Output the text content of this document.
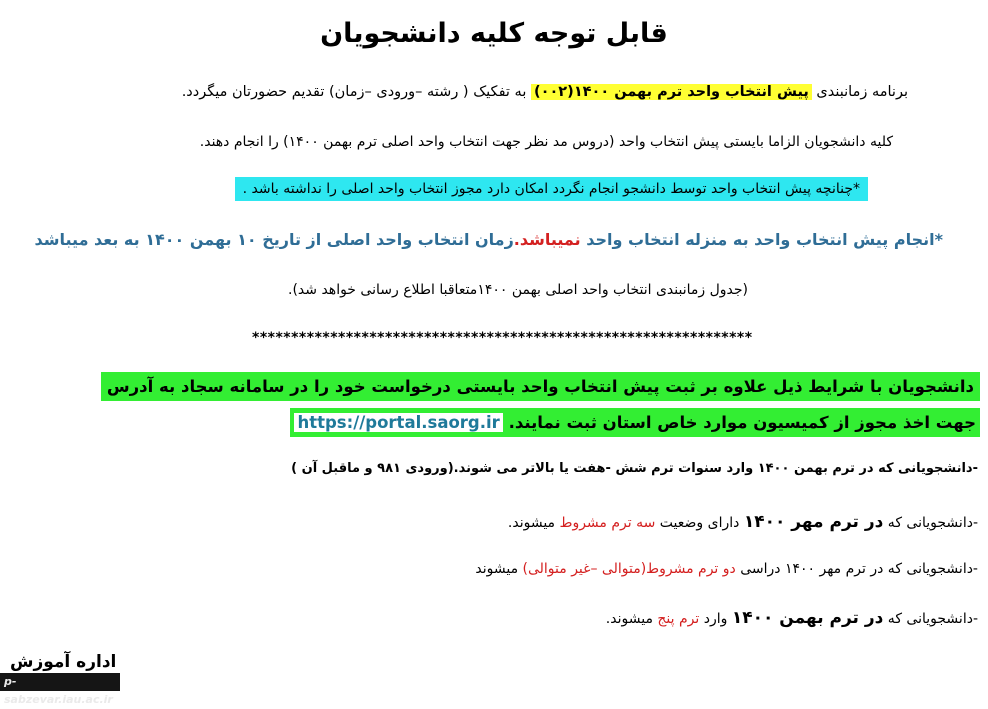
قابل توجه کلیه دانشجویان
برنامه زمانبندی پیش انتخاب واحد ترم بهمن ۱۴۰۰(۰۰۲) به تفکیک ( رشته –ورودی –زمان) تقدیم حضورتان میگردد.
کلیه دانشجویان الزاما بایستی پیش انتخاب واحد (دروس مد نظر جهت انتخاب واحد اصلی ترم بهمن ۱۴۰۰) را انجام دهند.
*چنانچه پیش انتخاب واحد توسط دانشجو انجام نگردد امکان دارد مجوز انتخاب واحد اصلی را نداشته باشد .
*انجام پیش انتخاب واحد به منزله انتخاب واحد نمیباشد.زمان انتخاب واحد اصلی از تاریخ ۱۰ بهمن ۱۴۰۰ به بعد میباشد
(جدول زمانبندی انتخاب واحد اصلی بهمن ۱۴۰۰متعاقبا اطلاع رسانی خواهد شد).
****************************************************************
دانشجویان با شرایط ذیل علاوه بر ثبت پیش انتخاب واحد بایستی درخواست خود را در سامانه سجاد به آدرس
جهت اخذ مجوز از کمیسیون موارد خاص استان ثبت نمایند. https://portal.saorg.ir
-دانشجویانی که در ترم بهمن ۱۴۰۰ وارد سنوات ترم شش -هفت یا بالاتر می شوند.(ورودی ۹۸۱ و ماقبل آن )
-دانشجویانی که در ترم مهر ۱۴۰۰ دارای وضعیت سه ترم مشروط میشوند.
-دانشجویانی که در ترم مهر ۱۴۰۰ دراسی دو ترم مشروط(متوالی –غیر متوالی) میشوند
-دانشجویانی که در ترم بهمن ۱۴۰۰ وارد ترم پنج میشوند.
اداره آموزش
p-sabzevar.iau.ac.ir
